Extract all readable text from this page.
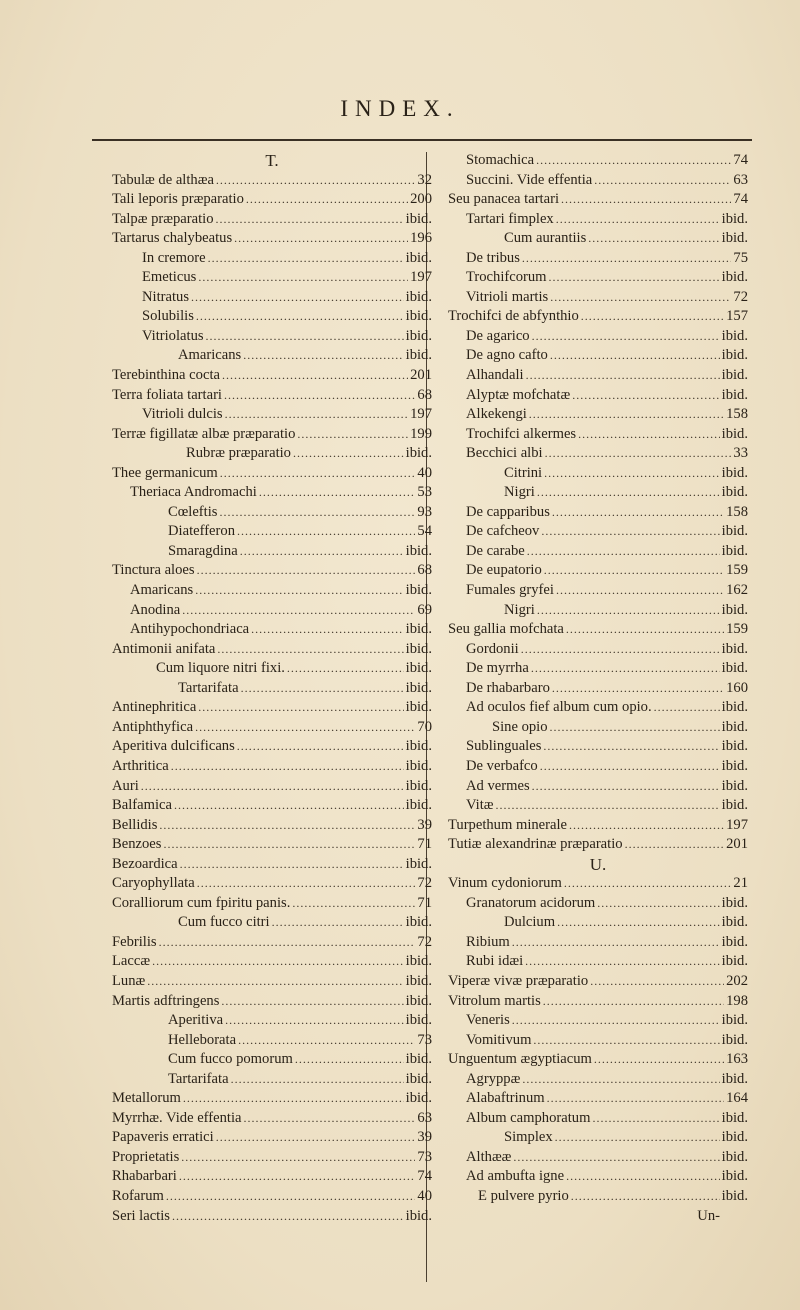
INDEX.
T.
Tabulæ de althæa .....	32
Tali leporis præparatio .....	200
Talpæ præparatio .....	ibid.
Tartarus chalybeatus .....	196
In cremore .....	ibid.
Emeticus .....	197
Nitratus .....	ibid.
Solubilis .....	ibid.
Vitriolatus .....	ibid.
Amaricans .....	ibid.
Terebinthina cocta .....	201
Terra foliata tartari .....	68
Vitrioli dulcis .....	197
Terræ figillatæ albæ præparatio .....	199
Rubræ præparatio .....	ibid.
Thee germanicum .....	40
Theriaca Andromachi .....	53
Cœleftis .....	93
Diatefferon .....	54
Smaragdina .....	ibid.
Tinctura aloes .....	68
Amaricans .....	ibid.
Anodina .....	69
Antihypochondriaca .....	ibid.
Antimonii anifata .....	ibid.
Cum liquore nitri fixi. .....	ibid.
Tartarifata .....	ibid.
Antinephritica .....	ibid.
Antiphthyfica .....	70
Aperitiva dulcificans .....	ibid.
Arthritica .....	ibid.
Auri .....	ibid.
Balfamica .....	ibid.
Bellidis .....	39
Benzoes .....	71
Bezoardica .....	ibid.
Caryophyllata .....	72
Coralliorum cum fpiritu panis. .....	71
Cum fucco citri .....	ibid.
Febrilis .....	72
Laccæ .....	ibid.
Lunæ .....	ibid.
Martis adftringens .....	ibid.
Aperitiva .....	ibid.
Helleborata .....	73
Cum fucco pomorum .....	ibid.
Tartarifata .....	ibid.
Metallorum .....	ibid.
Myrrhæ. Vide effentia .....	63
Papaveris erratici .....	39
Proprietatis .....	73
Rhabarbari .....	74
Rofarum .....	40
Seri lactis .....	ibid.
Stomachica .....	74
Succini. Vide effentia .....	63
Seu panacea tartari .....	74
Tartari fimplex .....	ibid.
Cum aurantiis .....	ibid.
De tribus .....	75
Trochifcorum .....	ibid.
Vitrioli martis .....	72
Trochifci de abfynthio .....	157
De agarico .....	ibid.
De agno cafto .....	ibid.
Alhandali .....	ibid.
Alyptæ mofchatæ .....	ibid.
Alkekengi .....	158
Trochifci alkermes .....	ibid.
Becchici albi .....	33
Citrini .....	ibid.
Nigri .....	ibid.
De capparibus .....	158
De cafcheov .....	ibid.
De carabe .....	ibid.
De eupatorio .....	159
Fumales gryfei .....	162
Nigri .....	ibid.
Seu gallia mofchata .....	159
Gordonii .....	ibid.
De myrrha .....	ibid.
De rhabarbaro .....	160
Ad oculos fief album cum opio. .....	ibid.
Sine opio .....	ibid.
Sublinguales .....	ibid.
De verbafco .....	ibid.
Ad vermes .....	ibid.
Vitæ .....	ibid.
Turpethum minerale .....	197
Tutiæ alexandrinæ præparatio .....	201
U.
Vinum cydoniorum .....	21
Granatorum acidorum .....	ibid.
Dulcium .....	ibid.
Ribium .....	ibid.
Rubi idæi .....	ibid.
Viperæ vivæ præparatio .....	202
Vitrolum martis .....	198
Veneris .....	ibid.
Vomitivum .....	ibid.
Unguentum ægyptiacum .....	163
Agryppæ .....	ibid.
Alabaftrinum .....	164
Album camphoratum .....	ibid.
Simplex .....	ibid.
Althææ .....	ibid.
Ad ambufta igne .....	ibid.
E pulvere pyrio .....	ibid.
Un-
